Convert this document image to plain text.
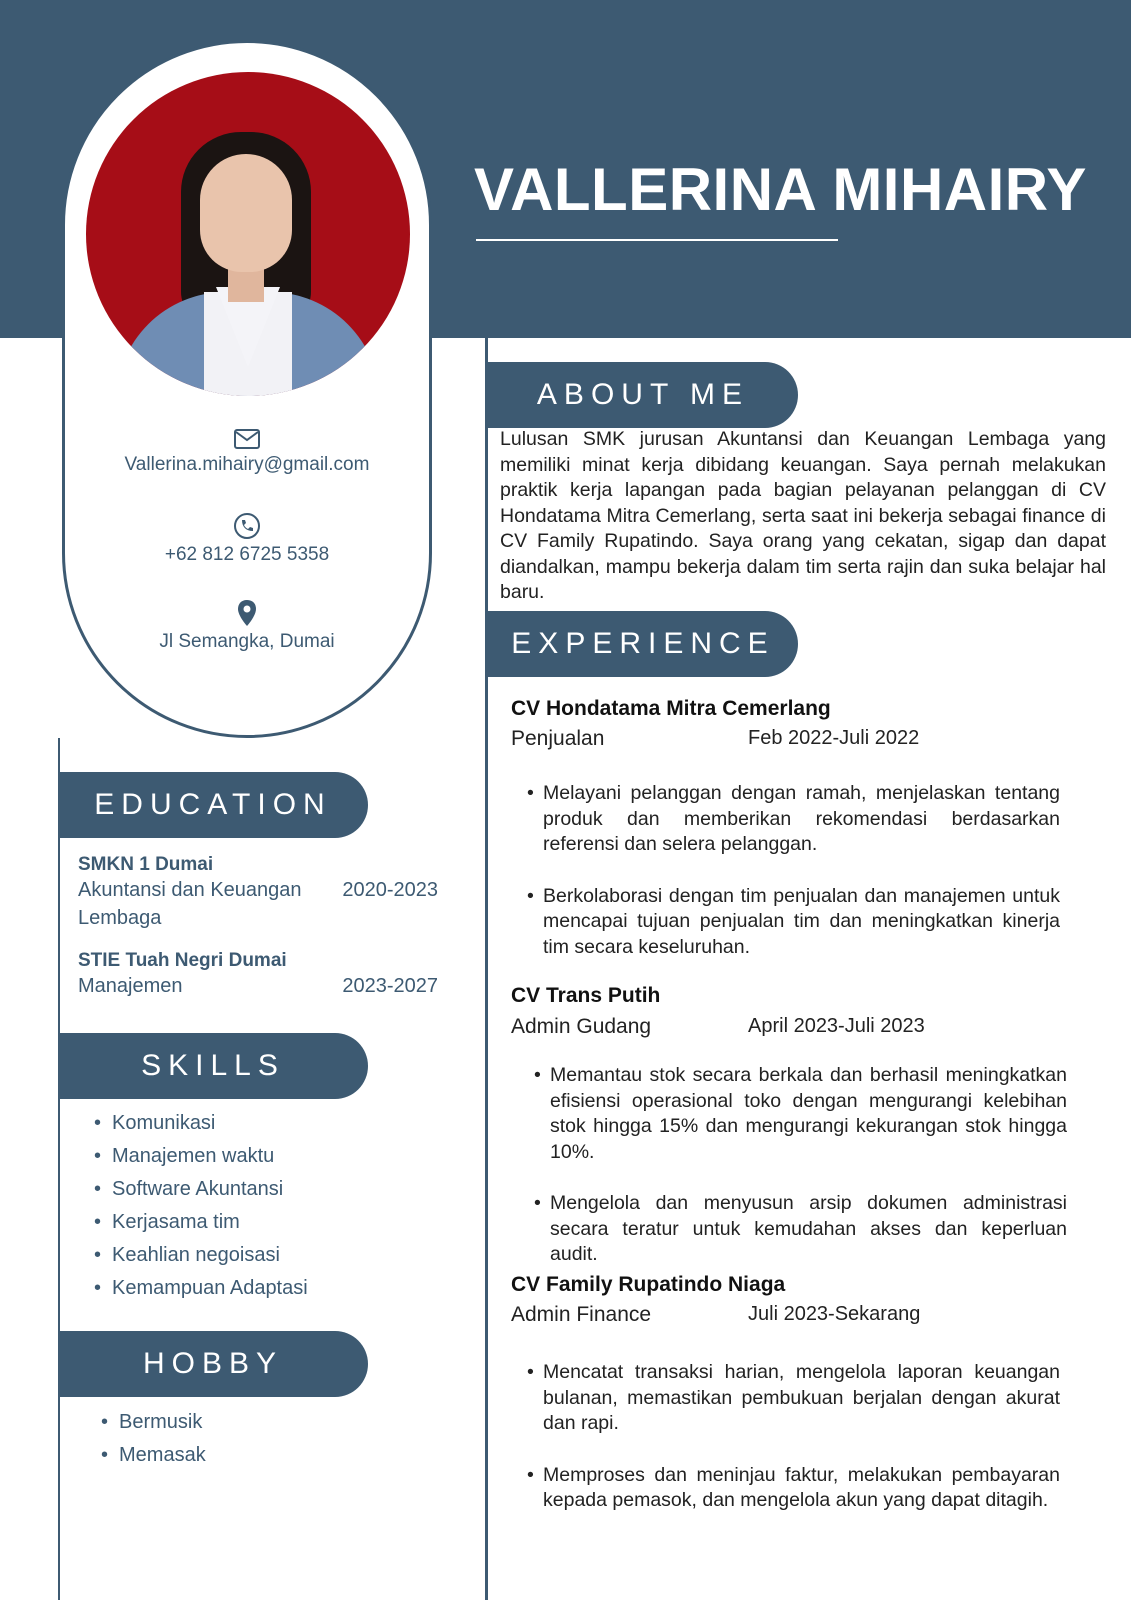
VALLERINA MIHAIRY
Vallerina.mihairy@gmail.com
+62 812 6725 5358
Jl Semangka, Dumai
EDUCATION
SMKN 1 Dumai
Akuntansi dan Keuangan Lembaga
2020-2023
STIE Tuah Negri Dumai
Manajemen	2023-2027
SKILLS
• Komunikasi
• Manajemen waktu
• Software Akuntansi
• Kerjasama tim
• Keahlian negoisasi
• Kemampuan Adaptasi
HOBBY
• Bermusik
• Memasak
ABOUT ME

Lulusan SMK jurusan Akuntansi dan Keuangan Lembaga yang memiliki minat kerja dibidang keuangan. Saya pernah melakukan praktik kerja lapangan pada bagian pelayanan pelanggan di CV Hondatama Mitra Cemerlang, serta saat ini bekerja sebagai finance di CV Family Rupatindo. Saya orang yang cekatan, sigap dan dapat diandalkan, mampu bekerja dalam tim serta rajin dan suka belajar hal baru.

EXPERIENCE
CV Hondatama Mitra Cemerlang
Penjualan	Feb 2022-Juli 2022
• Melayani pelanggan dengan ramah, menjelaskan tentang produk dan memberikan rekomendasi berdasarkan referensi dan selera pelanggan.
• Berkolaborasi dengan tim penjualan dan manajemen untuk mencapai tujuan penjualan tim dan meningkatkan kinerja tim secara keseluruhan.
CV Trans Putih
Admin Gudang	April 2023-Juli 2023
• Memantau stok secara berkala dan berhasil meningkatkan efisiensi operasional toko dengan mengurangi kelebihan stok hingga 15% dan mengurangi kekurangan stok hingga 10%.
• Mengelola dan menyusun arsip dokumen administrasi secara teratur untuk kemudahan akses dan keperluan audit.
CV Family Rupatindo Niaga
Admin Finance	Juli 2023-Sekarang
• Mencatat transaksi harian, mengelola laporan keuangan bulanan, memastikan pembukuan berjalan dengan akurat dan rapi.
• Memproses dan meninjau faktur, melakukan pembayaran kepada pemasok, dan mengelola akun yang dapat ditagih.
